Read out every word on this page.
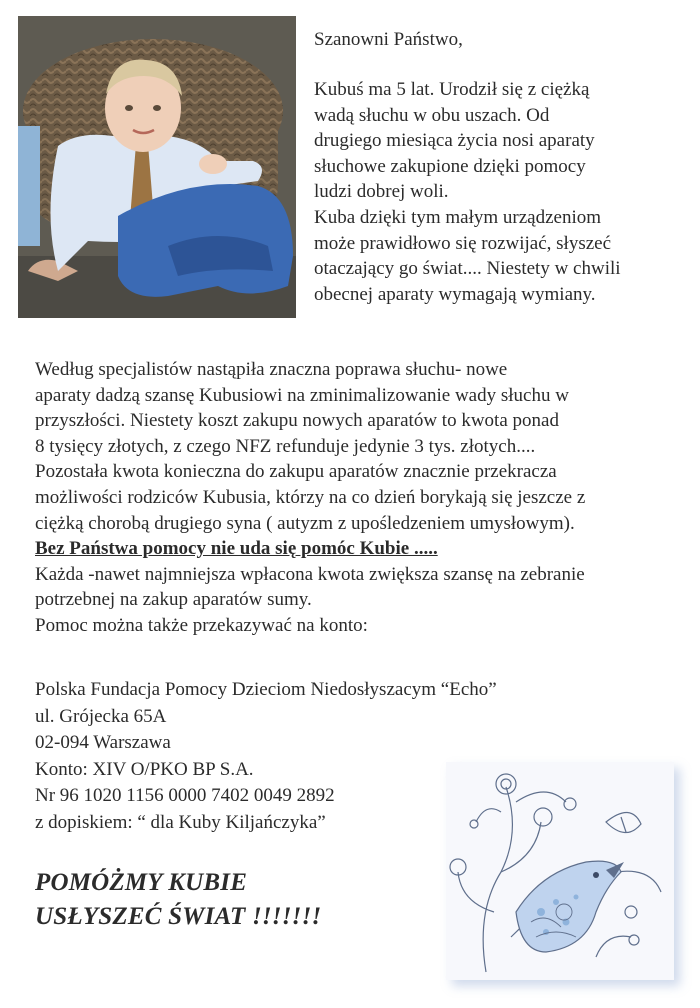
Szanowni Państwo,

Kubuś ma 5 lat. Urodził się z ciężką

wadą słuchu w obu uszach. Od

drugiego miesiąca życia nosi aparaty

słuchowe zakupione dzięki pomocy

ludzi dobrej woli.

Kuba dzięki tym małym urządzeniom

może prawidłowo się rozwijać, słyszeć

otaczający go świat.... Niestety w chwili

obecnej aparaty wymagają wymiany.

Według specjalistów nastąpiła znaczna poprawa słuchu- nowe

aparaty dadzą szansę Kubusiowi na zminimalizowanie wady słuchu w

przyszłości. Niestety koszt zakupu nowych aparatów to kwota ponad

8 tysięcy złotych, z czego NFZ refunduje jedynie 3 tys. złotych....

Pozostała kwota konieczna do zakupu aparatów znacznie przekracza

możliwości rodziców Kubusia, którzy na co dzień borykają się jeszcze z

ciężką chorobą drugiego syna ( autyzm z upośledzeniem umysłowym).

Bez Państwa pomocy nie uda się pomóc Kubie .....

Każda -nawet najmniejsza wpłacona kwota zwiększa szansę na zebranie

potrzebnej na zakup aparatów sumy.

Pomoc można także przekazywać na konto:

Polska Fundacja Pomocy Dzieciom Niedosłyszacym “Echo”
ul. Grójecka 65A
02-094 Warszawa
Konto: XIV O/PKO BP S.A.
Nr 96 1020 1156 0000 7402 0049 2892
z dopiskiem: “ dla Kuby Kiljańczyka”
POMÓŻMY KUBIE
USŁYSZEĆ ŚWIAT !!!!!!!
